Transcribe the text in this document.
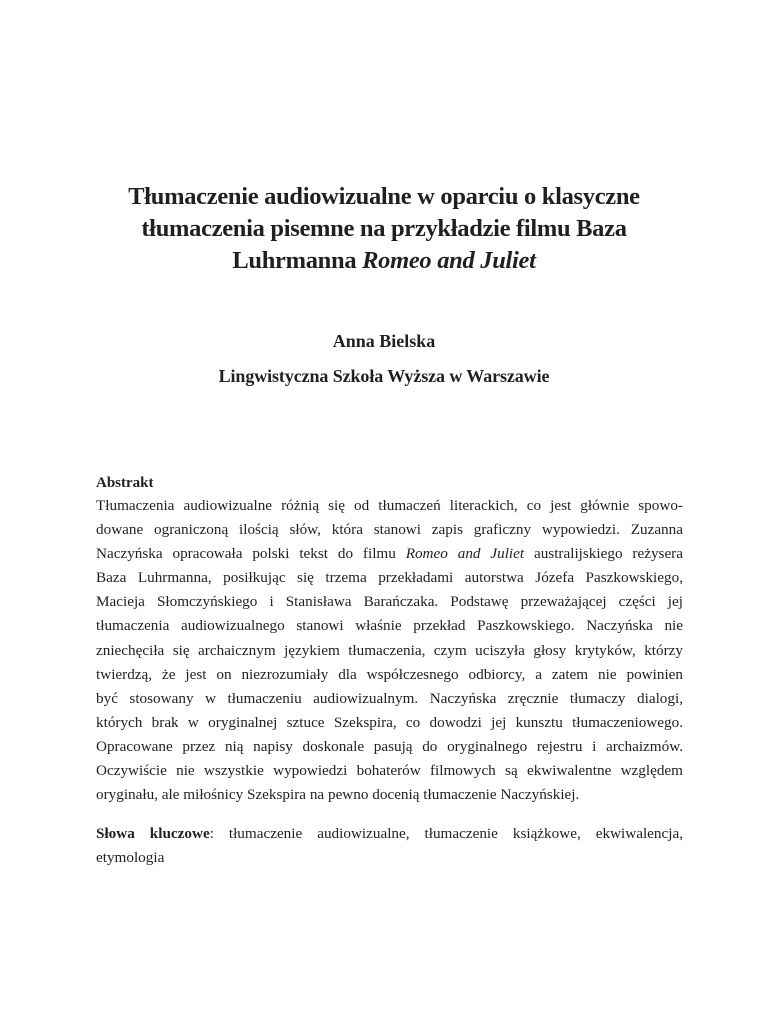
Tłumaczenie audiowizualne w oparciu o klasyczne
tłumaczenia pisemne na przykładzie filmu Baza
Luhrmanna Romeo and Juliet

Anna Bielska

Lingwistyczna Szkoła Wyższa w Warszawie

Abstrakt

Tłumaczenia audiowizualne różnią się od tłumaczeń literackich, co jest głównie spowo-
dowane ograniczoną ilością słów, która stanowi zapis graficzny wypowiedzi. Zuzanna
Naczyńska opracowała polski tekst do filmu Romeo and Juliet australijskiego reżysera
Baza Luhrmanna, posiłkując się trzema przekładami autorstwa Józefa Paszkowskiego,
Macieja Słomczyńskiego i Stanisława Barańczaka. Podstawę przeważającej części jej
tłumaczenia audiowizualnego stanowi właśnie przekład Paszkowskiego. Naczyńska nie
zniechęciła się archaicznym językiem tłumaczenia, czym uciszyła głosy krytyków, którzy
twierdzą, że jest on niezrozumiały dla współczesnego odbiorcy, a zatem nie powinien
być stosowany w tłumaczeniu audiowizualnym. Naczyńska zręcznie tłumaczy dialogi,
których brak w oryginalnej sztuce Szekspira, co dowodzi jej kunsztu tłumaczeniowego.
Opracowane przez nią napisy doskonale pasują do oryginalnego rejestru i archaizmów.
Oczywiście nie wszystkie wypowiedzi bohaterów filmowych są ekwiwalentne względem
oryginału, ale miłośnicy Szekspira na pewno docenią tłumaczenie Naczyńskiej.
Słowa kluczowe: tłumaczenie audiowizualne, tłumaczenie książkowe, ekwiwalencja,
etymologia
